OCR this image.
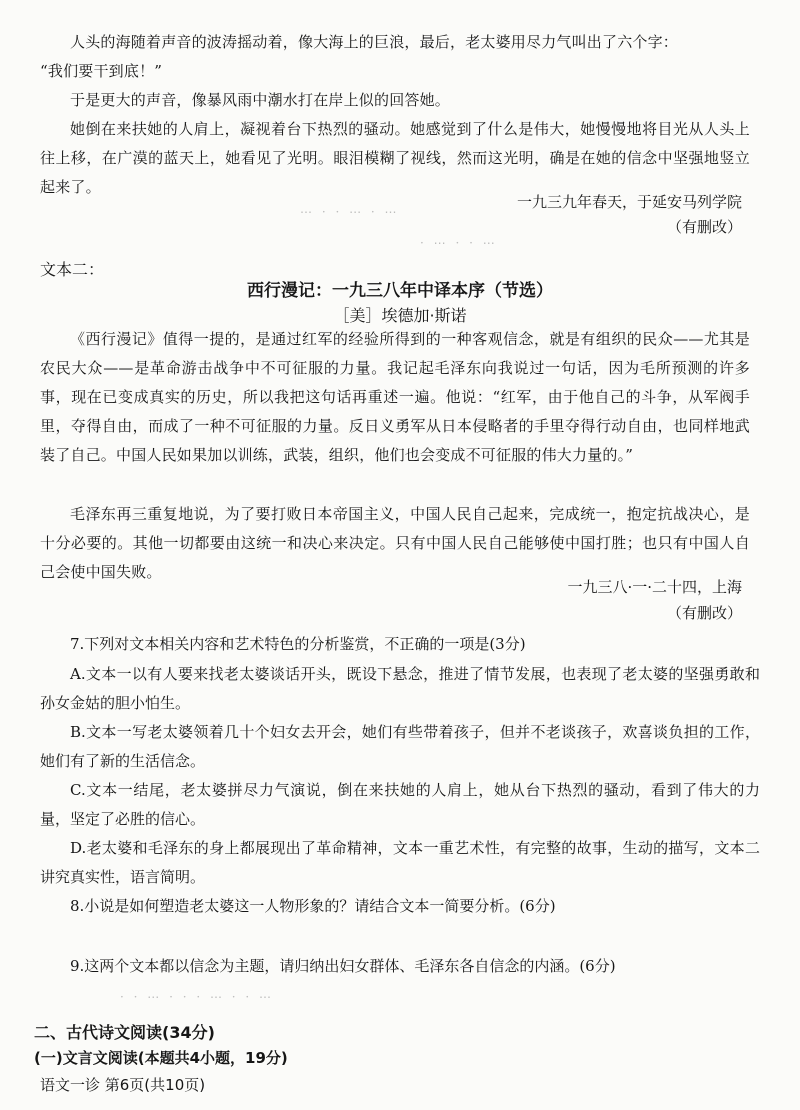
人头的海随着声音的波涛摇动着，像大海上的巨浪，最后，老太婆用尽力气叫出了六个字：

“我们要干到底！”

于是更大的声音，像暴风雨中潮水打在岸上似的回答她。

她倒在来扶她的人肩上，凝视着台下热烈的骚动。她感觉到了什么是伟大，她慢慢地将目光从人头上往上移，在广漠的蓝天上，她看见了光明。眼泪模糊了视线，然而这光明，确是在她的信念中坚强地竖立起来了。

一九三九年春天，于延安马列学院
（有删改）
⋯ · · ⋯ · ⋯
· ⋯ · · ⋯
文本二：
西行漫记：一九三八年中译本序（节选）
［美］埃德加·斯诺

《西行漫记》值得一提的，是通过红军的经验所得到的一种客观信念，就是有组织的民众——尤其是农民大众——是革命游击战争中不可征服的力量。我记起毛泽东向我说过一句话，因为毛所预测的许多事，现在已变成真实的历史，所以我把这句话再重述一遍。他说：“红军，由于他自己的斗争，从军阀手里，夺得自由，而成了一种不可征服的力量。反日义勇军从日本侵略者的手里夺得行动自由，也同样地武装了自己。中国人民如果加以训练，武装，组织，他们也会变成不可征服的伟大力量的。”

毛泽东再三重复地说，为了要打败日本帝国主义，中国人民自己起来，完成统一，抱定抗战决心，是十分必要的。其他一切都要由这统一和决心来决定。只有中国人民自己能够使中国打胜；也只有中国人自己会使中国失败。

一九三八·一·二十四，上海
（有删改）

7.下列对文本相关内容和艺术特色的分析鉴赏，不正确的一项是(3分)

A.文本一以有人要来找老太婆谈话开头，既设下悬念，推进了情节发展，也表现了老太婆的坚强勇敢和孙女金姑的胆小怕生。

B.文本一写老太婆领着几十个妇女去开会，她们有些带着孩子，但并不老谈孩子，欢喜谈负担的工作，她们有了新的生活信念。

C.文本一结尾，老太婆拼尽力气演说，倒在来扶她的人肩上，她从台下热烈的骚动，看到了伟大的力量，坚定了必胜的信心。

D.老太婆和毛泽东的身上都展现出了革命精神，文本一重艺术性，有完整的故事，生动的描写，文本二讲究真实性，语言简明。

8.小说是如何塑造老太婆这一人物形象的？请结合文本一简要分析。(6分)

9.这两个文本都以信念为主题，请归纳出妇女群体、毛泽东各自信念的内涵。(6分)

· · ⋯ · · · ⋯ · · ⋯
二、古代诗文阅读(34分)
(一)文言文阅读(本题共4小题，19分)
语文一诊 第6页(共10页)
